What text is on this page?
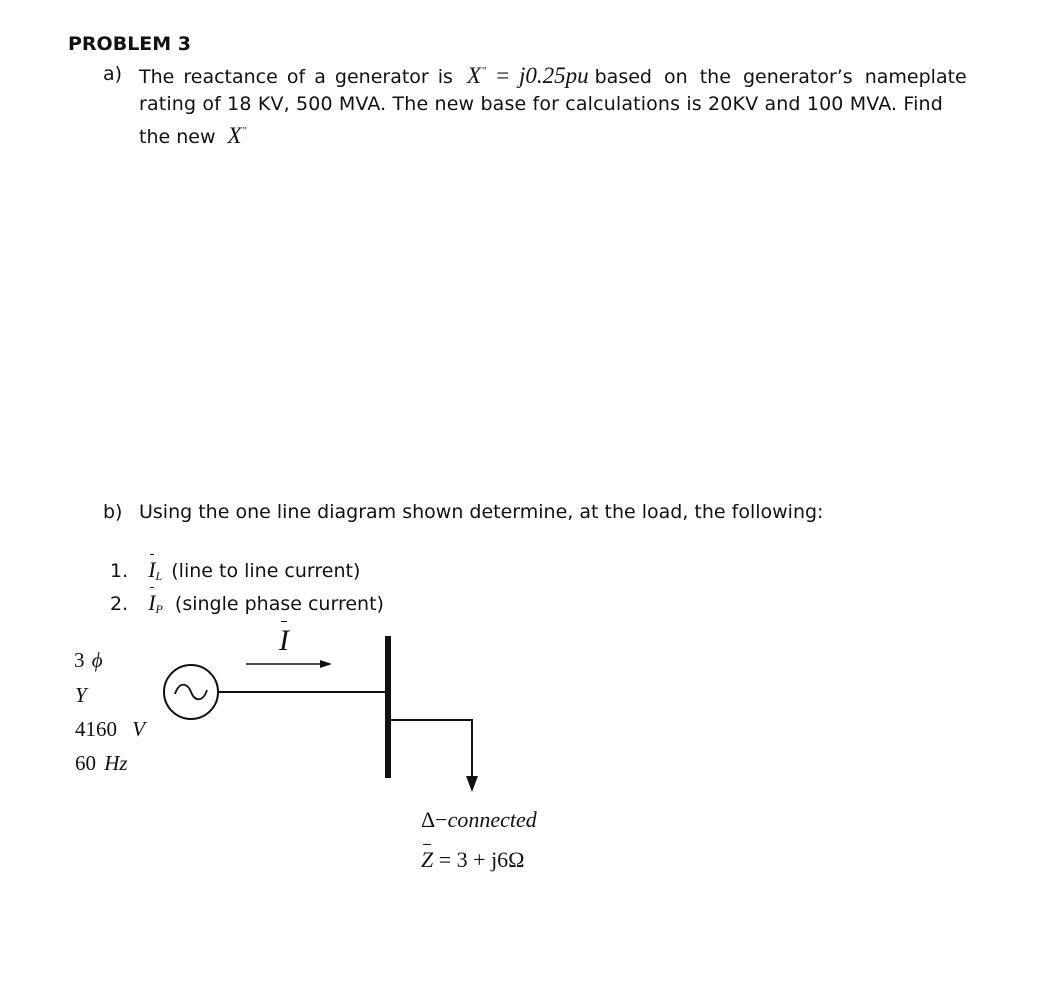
PROBLEM 3
a) The reactance of a generator is X" = j0.25pu based on the generator’s nameplate
rating of 18 KV, 500 MVA. The new base for calculations is 20KV and 100 MVA. Find
the new X"
b) Using the one line diagram shown determine, at the load, the following:
1. IL (line to line current)
2. IP (single phase current)
3 ϕ
Y
4160 V
60 Hz
I
Δ−connected
Z = 3 + j6Ω
